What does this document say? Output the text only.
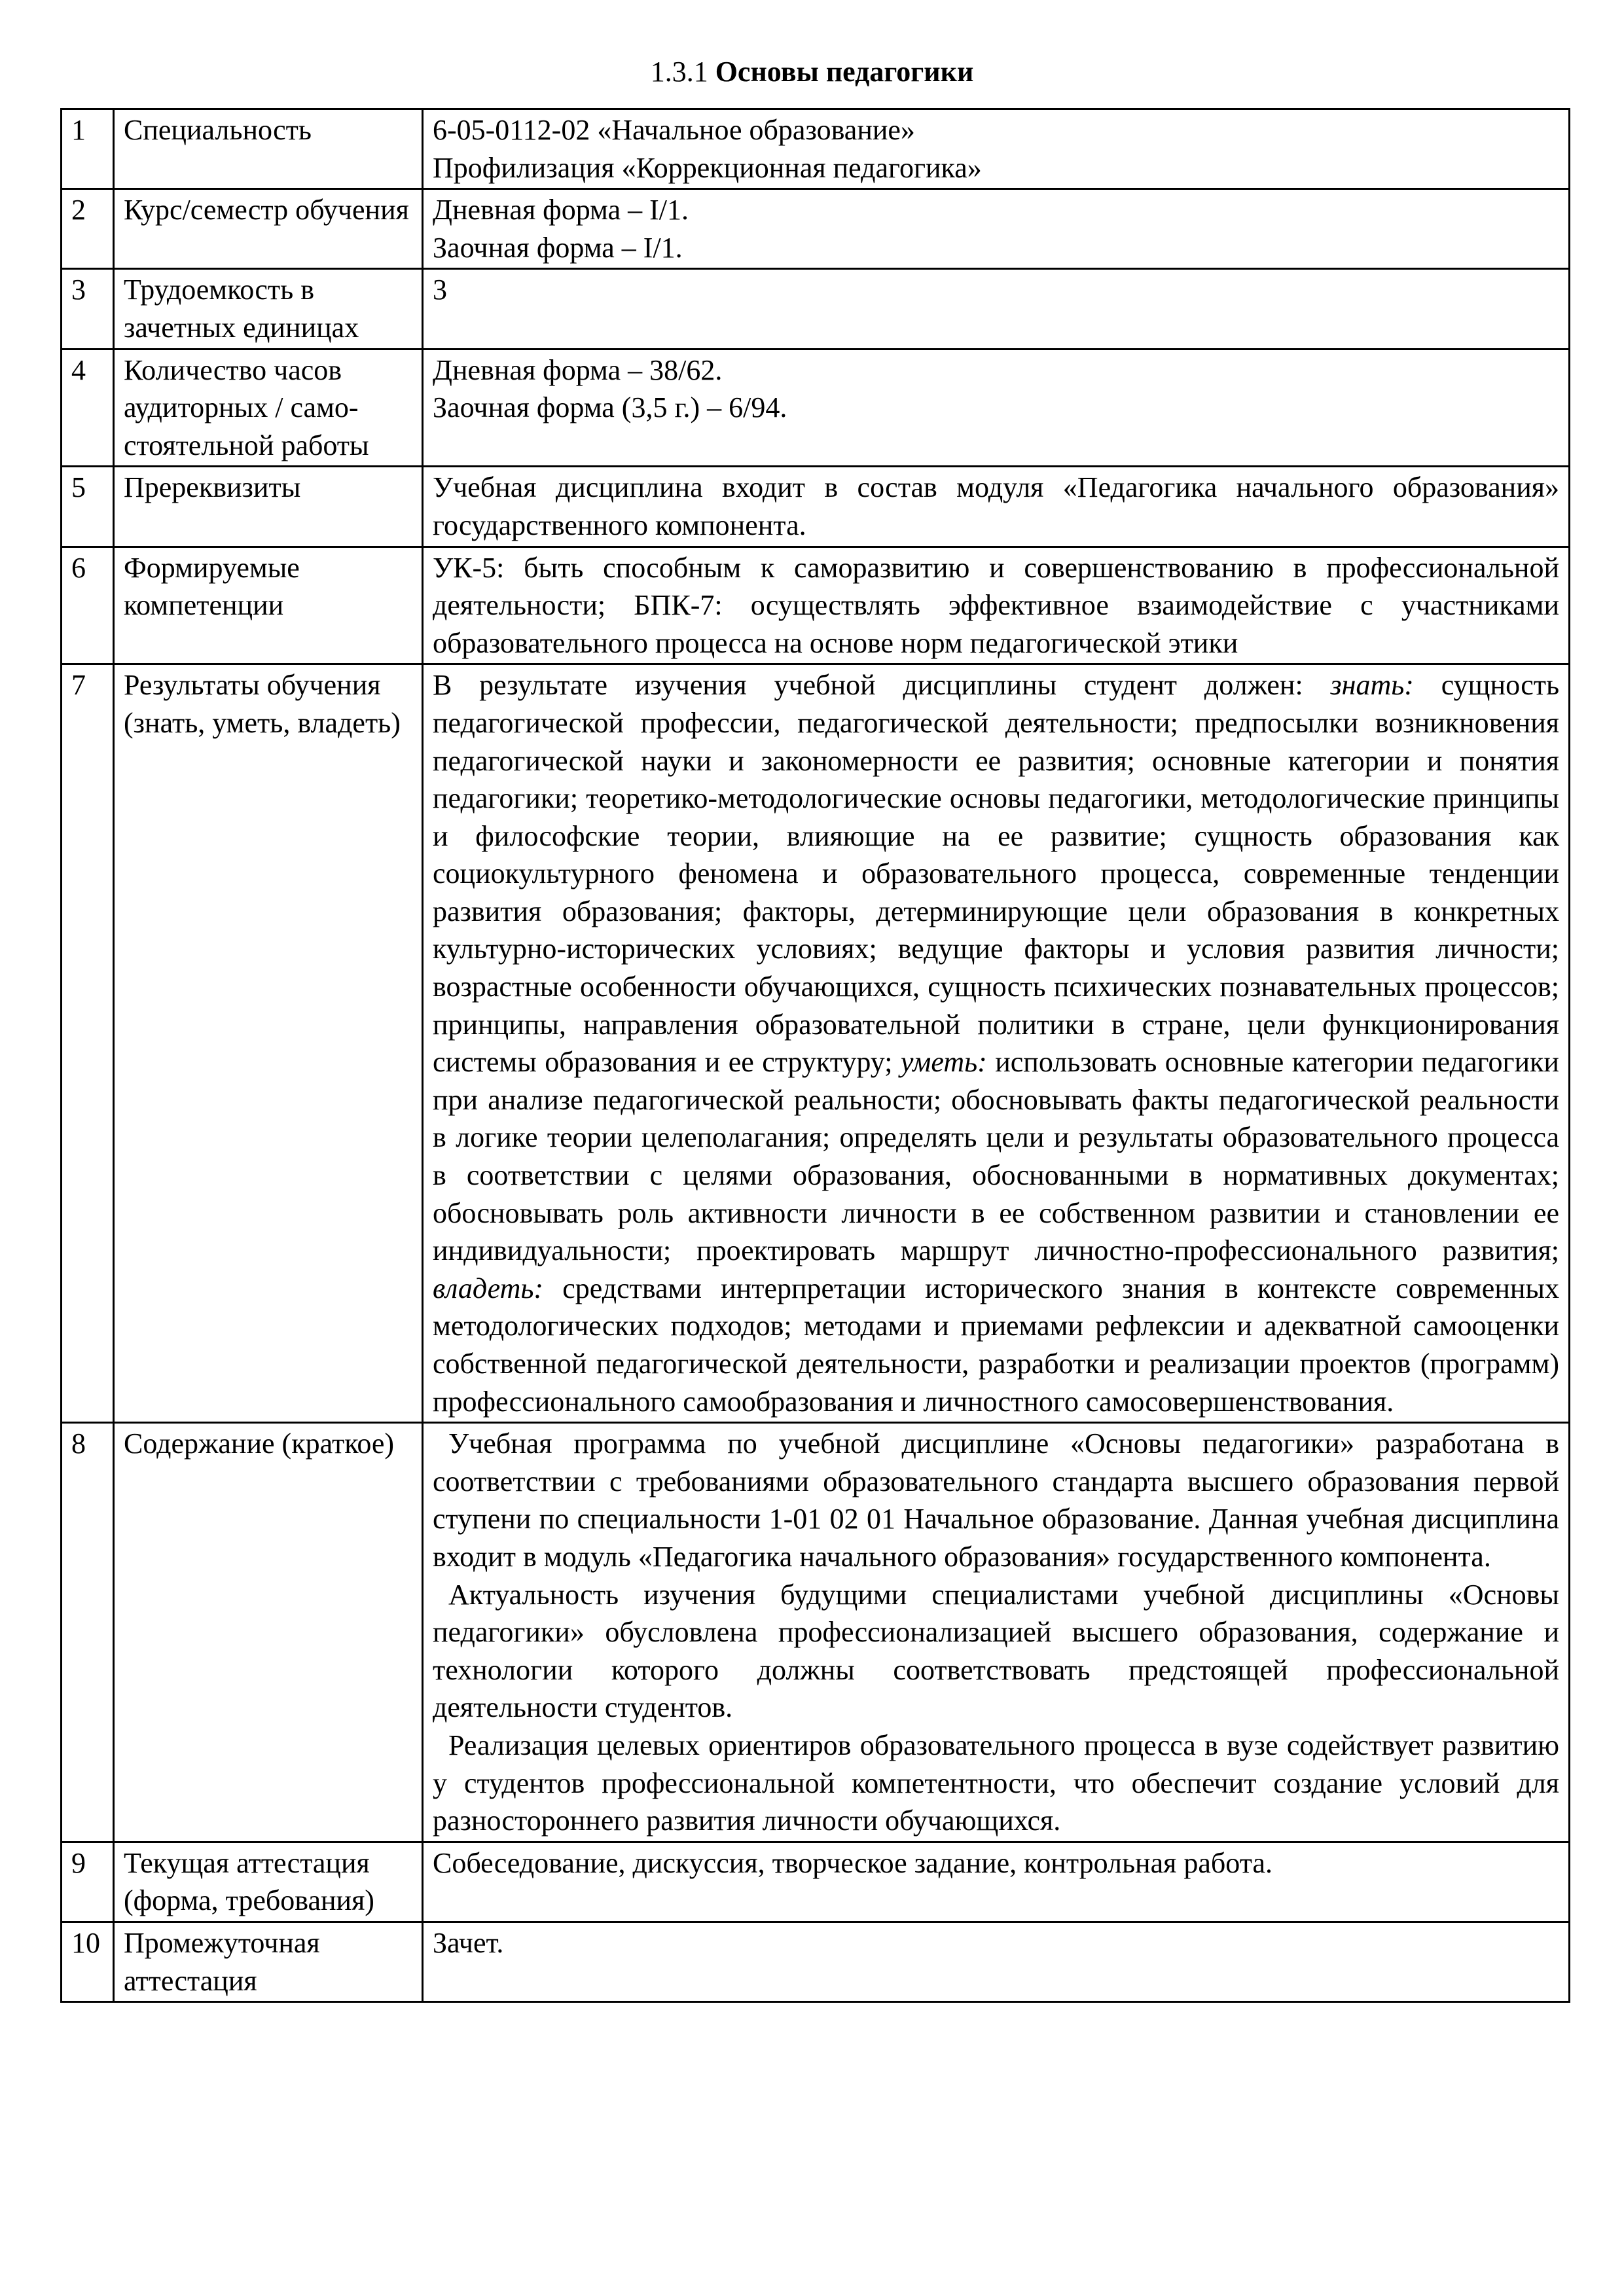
1.3.1 Основы педагогики
1	Специальность	6-05-0112-02 «Начальное образование»
Профилизация «Коррекционная педагогика»

2	Курс/семестр обучения	Дневная форма – I/1.
Заочная форма – I/1.

3	Трудоемкость в зачетных единицах	3

4	Количество часов аудиторных / само-стоятельной работы	Дневная форма – 38/62.
Заочная форма (3,5 г.) – 6/94.

5	Пререквизиты	Учебная дисциплина входит в состав модуля «Педагогика начального образования» государственного компонента.
6	Формируемые компетенции	УК-5: быть способным к саморазвитию и совершенствованию в профессиональной деятельности; БПК-7: осуществлять эффективное взаимодействие с участниками образовательного процесса на основе норм педагогической этики
7	Результаты обучения (знать, уметь, владеть)	В результате изучения учебной дисциплины студент должен: знать: сущность педагогической профессии, педагогической деятельности; предпосылки возникновения педагогической науки и закономерности ее развития; основные категории и понятия педагогики; теоретико-методологические основы педагогики, методологические принципы и философские теории, влияющие на ее развитие; сущность образования как социокультурного феномена и образовательного процесса, современные тенденции развития образования; факторы, детерминирующие цели образования в конкретных культурно-исторических условиях; ведущие факторы и условия развития личности; возрастные особенности обучающихся, сущность психических познавательных процессов; принципы, направления образовательной политики в стране, цели функционирования системы образования и ее структуру; уметь: использовать основные категории педагогики при анализе педагогической реальности; обосновывать факты педагогической реальности в логике теории целеполагания; определять цели и результаты образовательного процесса в соответствии с целями образования, обоснованными в нормативных документах; обосновывать роль активности личности в ее собственном развитии и становлении ее индивидуальности; проектировать маршрут личностно-профессионального развития; владеть: средствами интерпретации исторического знания в контексте современных методологических подходов; методами и приемами рефлексии и адекватной самооценки собственной педагогической деятельности, разработки и реализации проектов (программ) профессионального самообразования и личностного самосовершенствования.
8	Содержание (краткое)	Учебная программа по учебной дисциплине «Основы педагогики» разработана в соответствии с требованиями образовательного стандарта высшего образования первой ступени по специальности 1-01 02 01 Начальное образование. Данная учебная дисциплина входит в модуль «Педагогика начального образования» государственного компонента.

Актуальность изучения будущими специалистами учебной дисциплины «Основы педагогики» обусловлена профессионализацией высшего образования, содержание и технологии которого должны соответствовать предстоящей профессиональной деятельности студентов.

Реализация целевых ориентиров образовательного процесса в вузе содействует развитию у студентов профессиональной компетентности, что обеспечит создание условий для разностороннего развития личности обучающихся.

9	Текущая аттестация (форма, требования)	Собеседование, дискуссия, творческое задание, контрольная работа.
10	Промежуточная аттестация	Зачет.
